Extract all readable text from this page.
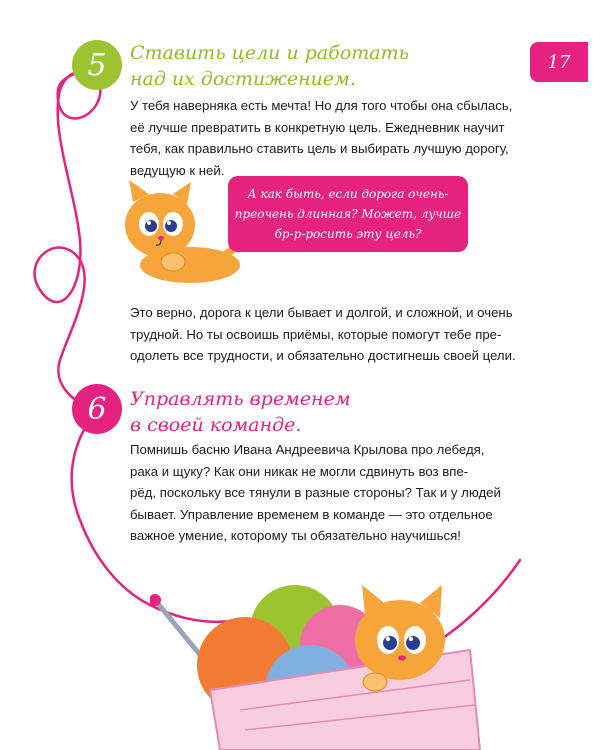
5	Ставить цели и работать
над их достижением.
17
У тебя наверняка есть мечта! Но для того чтобы она сбылась,
её лучше превратить в конкретную цель. Ежедневник научит
тебя, как правильно ставить цель и выбирать лучшую дорогу,
ведущую к ней.
А как быть, если дорога очень-
преочень длинная? Может, лучше
бр-р-росить эту цель?
Это верно, дорога к цели бывает и долгой, и сложной, и очень
трудной. Но ты освоишь приёмы, которые помогут тебе пре-
одолеть все трудности, и обязательно достигнешь своей цели.
6	Управлять временем
в своей команде.
Помнишь басню Ивана Андреевича Крылова про лебедя,
рака и щуку? Как они никак не могли сдвинуть воз впе-
рёд, поскольку все тянули в разные стороны? Так и у людей
бывает. Управление временем в команде — это отдельное
важное умение, которому ты обязательно научишься!
